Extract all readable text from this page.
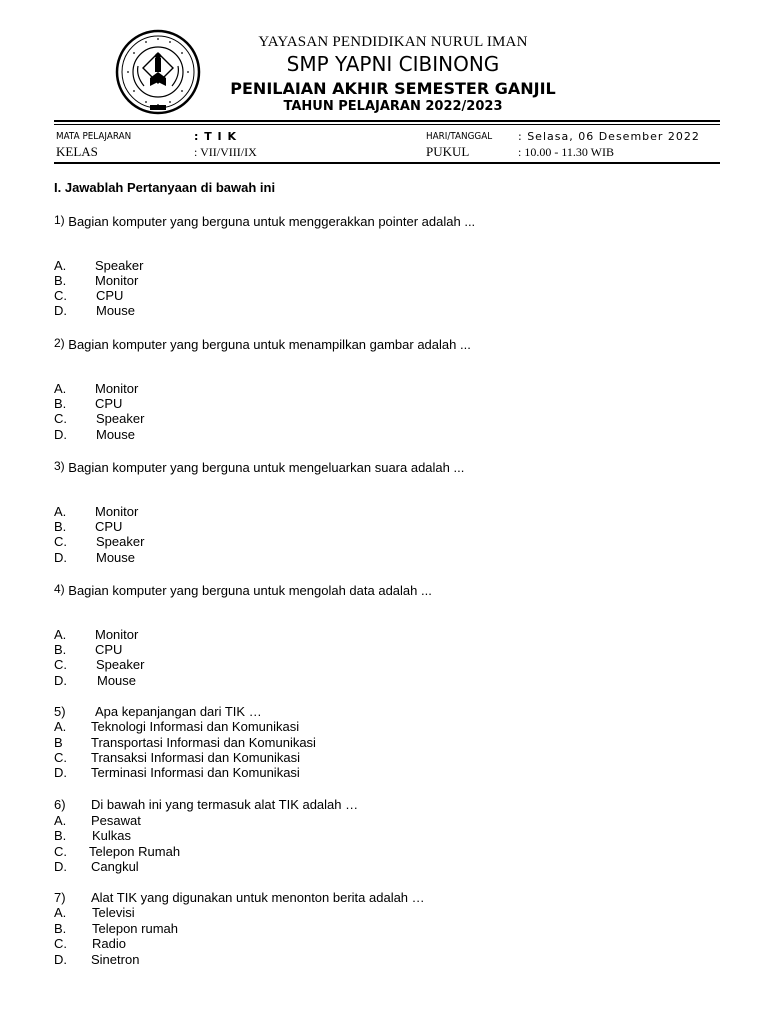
YAYASAN PENDIDIKAN NURUL IMAN
SMP YAPNI CIBINONG
PENILAIAN AKHIR SEMESTER GANJIL
TAHUN PELAJARAN 2022/2023
MATA PELAJARAN	: T I K
KELAS	: VII/VIII/IX
HARI/TANGGAL : Selasa, 06 Desember 2022
PUKUL	: 10.00 - 11.30 WIB
I. Jawablah Pertanyaan di bawah ini
$^{1)}$ Bagian komputer yang berguna untuk menggerakkan pointer adalah ...
A. Speaker
B. Monitor
C. CPU
D. Mouse
$^{2)}$ Bagian komputer yang berguna untuk menampilkan gambar adalah ...
A. Monitor
B. CPU
C. Speaker
D. Mouse
$^{3)}$ Bagian komputer yang berguna untuk mengeluarkan suara adalah ...
A. Monitor
B. CPU
C. Speaker
D. Mouse
$^{4)}$ Bagian komputer yang berguna untuk mengolah data adalah ...
A. Monitor
B. CPU
C. Speaker
D. Mouse
5) Apa kepanjangan dari TIK …
A. Teknologi Informasi dan Komunikasi
B Transportasi Informasi dan Komunikasi
C. Transaksi Informasi dan Komunikasi
D. Terminasi Informasi dan Komunikasi
6) Di bawah ini yang termasuk alat TIK adalah …
A. Pesawat
B. Kulkas
C. Telepon Rumah
D. Cangkul
7) Alat TIK yang digunakan untuk menonton berita adalah …
A. Televisi
B. Telepon rumah
C. Radio
D. Sinetron
